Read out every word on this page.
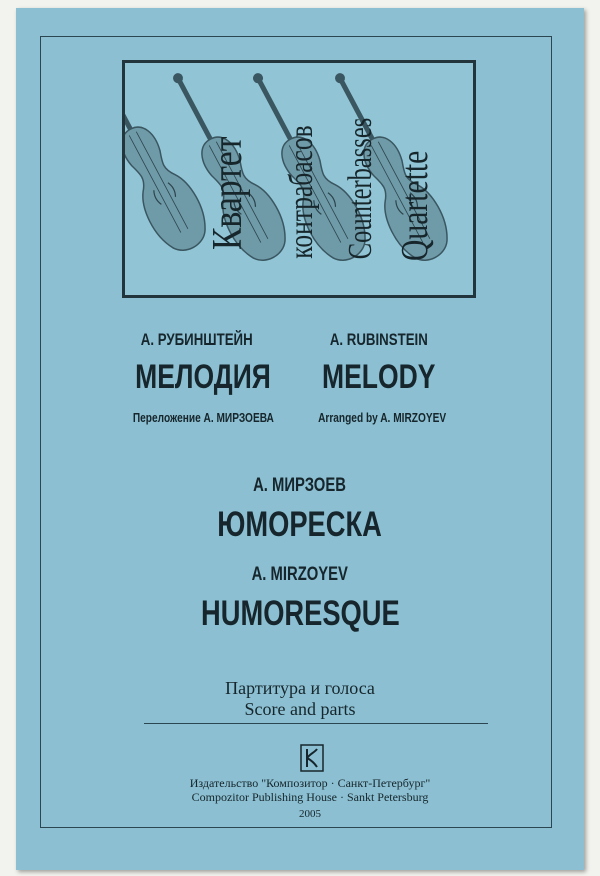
Квартет контрабасов Counterbasses Quartette
А. РУБИНШТЕЙН
МЕЛОДИЯ
Переложение А. МИРЗОЕВА
A. RUBINSTEIN
MELODY
Arranged by A. MIRZOYEV
А. МИРЗОЕВ
ЮМОРЕСКА
A. MIRZOYEV
HUMORESQUE
Партитура и голоса
Score and parts
Издательство "Композитор · Санкт-Петербург"
Compozitor Publishing House · Sankt Petersburg
2005
